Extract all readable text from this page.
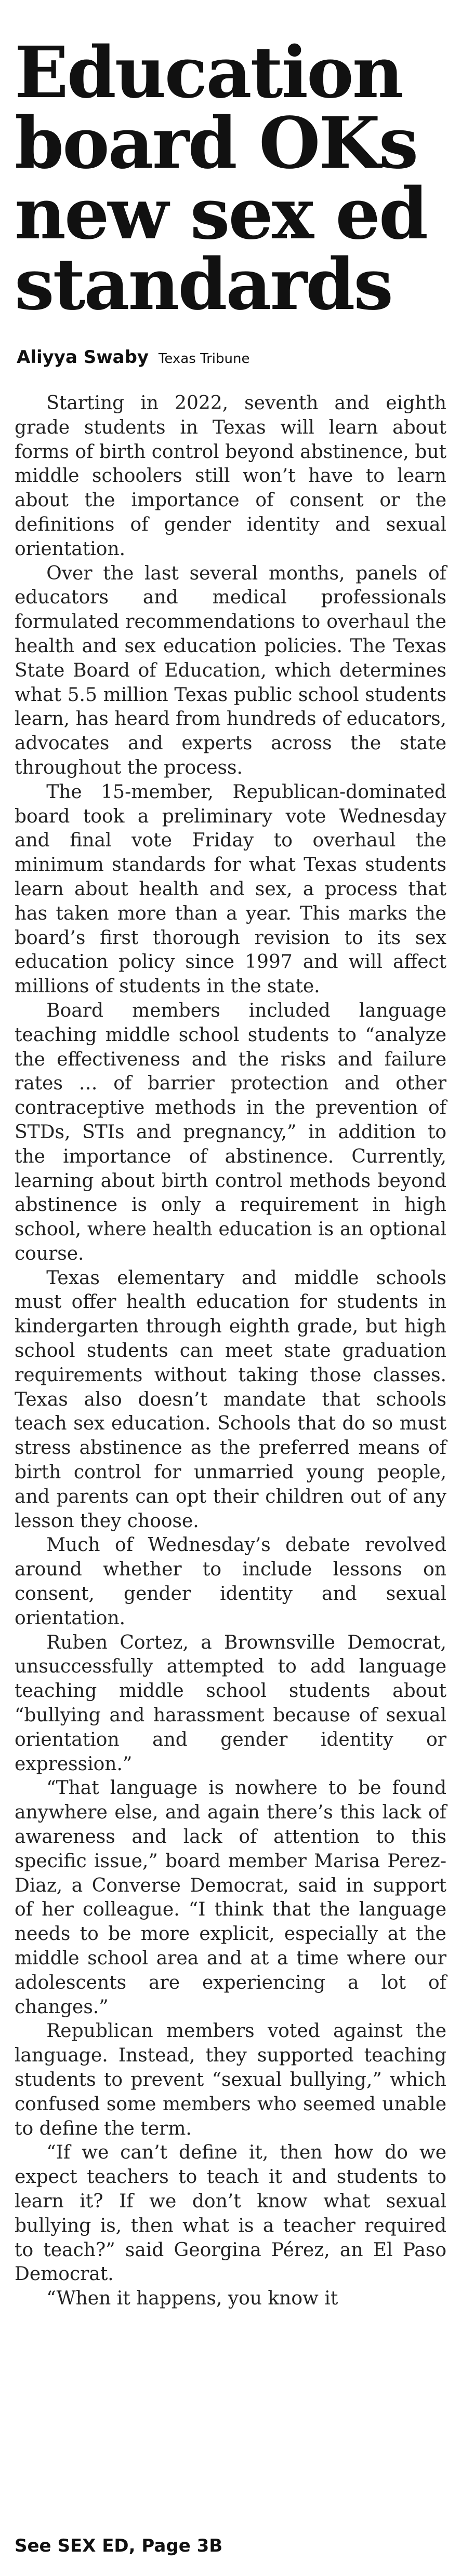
Education board OKs new sex ed standards
Aliyya Swaby Texas Tribune

Starting in 2022, seventh and eighth grade students in Texas will learn about forms of birth control beyond abstinence, but middle schoolers still won’t have to learn about the importance of consent or the definitions of gender identity and sexual orientation.

Over the last several months, panels of educators and medical professionals formulated recommendations to overhaul the health and sex education policies. The Texas State Board of Education, which determines what 5.5 million Texas public school students learn, has heard from hundreds of educators, advocates and experts across the state throughout the process.

The 15-member, Republican-dominated board took a preliminary vote Wednesday and final vote Friday to overhaul the minimum standards for what Texas students learn about health and sex, a process that has taken more than a year. This marks the board’s first thorough revision to its sex education policy since 1997 and will affect millions of students in the state.

Board members included language teaching middle school students to “analyze the effectiveness and the risks and failure rates … of barrier protection and other contraceptive methods in the prevention of STDs, STIs and pregnancy,” in addition to the importance of abstinence. Currently, learning about birth control methods beyond abstinence is only a requirement in high school, where health education is an optional course.

Texas elementary and middle schools must offer health education for students in kindergarten through eighth grade, but high school students can meet state graduation requirements without taking those classes. Texas also doesn’t mandate that schools teach sex education. Schools that do so must stress abstinence as the preferred means of birth control for unmarried young people, and parents can opt their children out of any lesson they choose.

Much of Wednesday’s debate revolved around whether to include lessons on consent, gender identity and sexual orientation.

Ruben Cortez, a Brownsville Democrat, unsuccessfully attempted to add language teaching middle school students about “bullying and harassment because of sexual orientation and gender identity or expression.”

“That language is nowhere to be found anywhere else, and again there’s this lack of awareness and lack of attention to this specific issue,” board member Marisa Perez-Diaz, a Converse Democrat, said in support of her colleague. “I think that the language needs to be more explicit, especially at the middle school area and at a time where our adolescents are experiencing a lot of changes.”

Republican members voted against the language. Instead, they supported teaching students to prevent “sexual bullying,” which confused some members who seemed unable to define the term.

“If we can’t define it, then how do we expect teachers to teach it and students to learn it? If we don’t know what sexual bullying is, then what is a teacher required to teach?” said Georgina Pérez, an El Paso Democrat.

“When it happens, you know it

See SEX ED, Page 3B
